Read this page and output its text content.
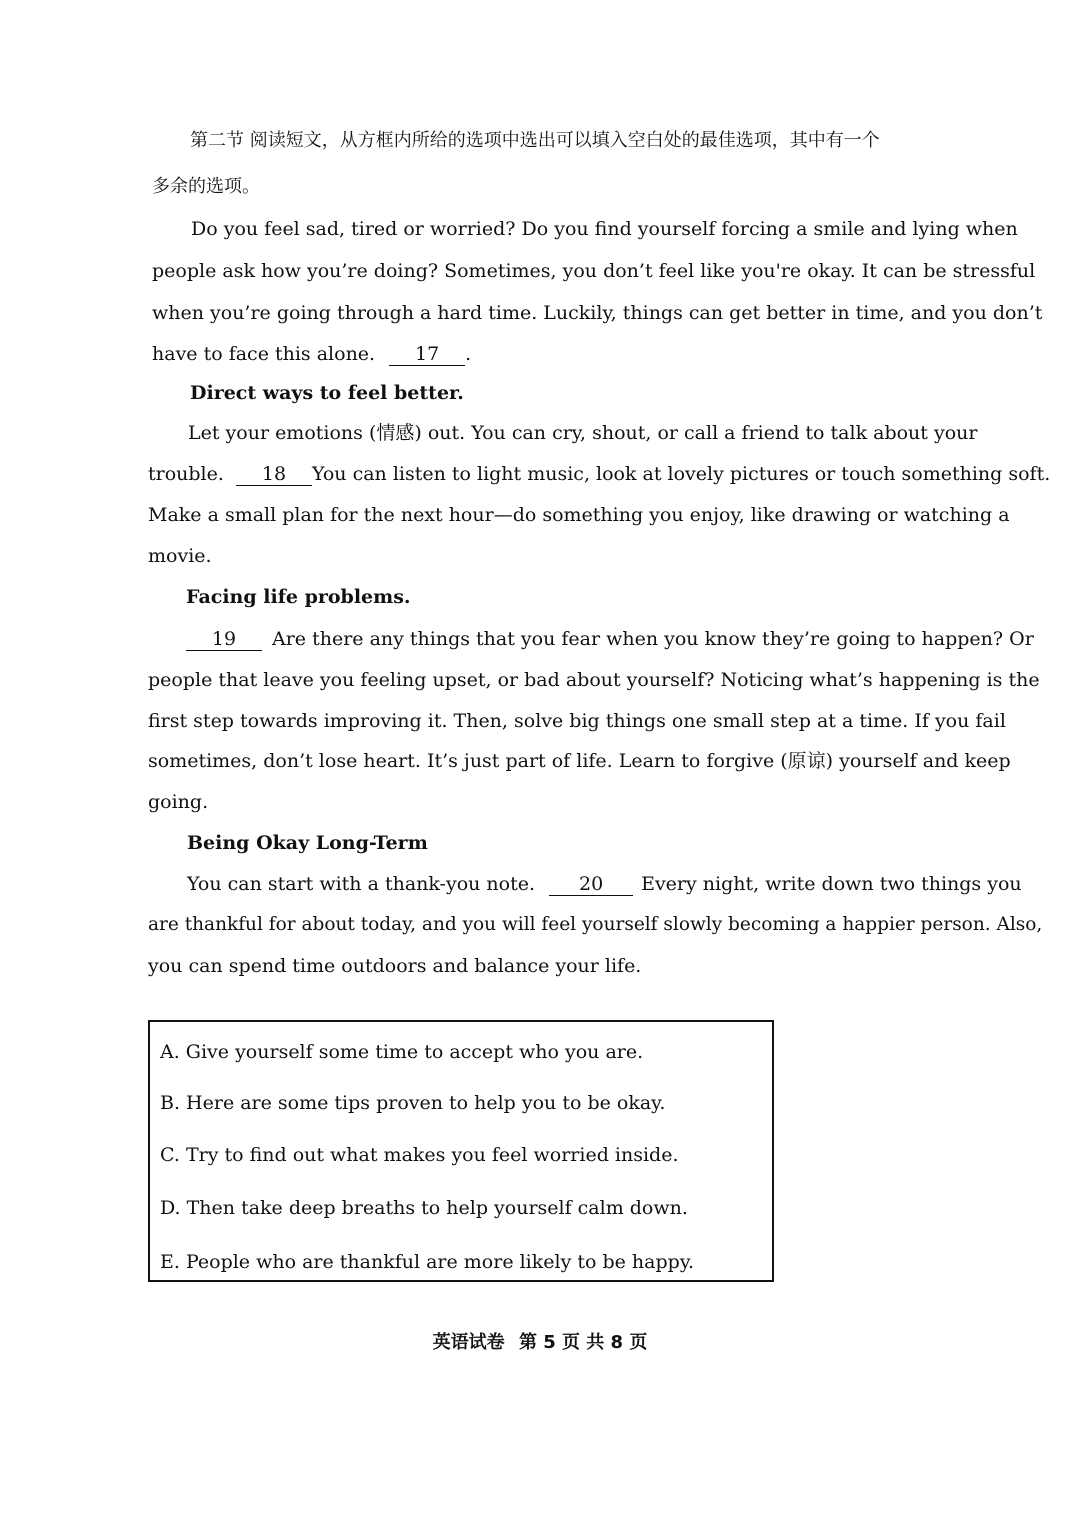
第二节 阅读短文，从方框内所给的选项中选出可以填入空白处的最佳选项，其中有一个
多余的选项。
Do you feel sad, tired or worried? Do you find yourself forcing a smile and lying when
people ask how you’re doing? Sometimes, you don’t feel like you're okay. It can be stressful
when you’re going through a hard time. Luckily, things can get better in time, and you don’t
have to face this alone. 17 .
Direct ways to feel better.
Let your emotions (情感) out. You can cry, shout, or call a friend to talk about your
trouble. 18 You can listen to light music, look at lovely pictures or touch something soft.
Make a small plan for the next hour—do something you enjoy, like drawing or watching a
movie.
Facing life problems.
19 Are there any things that you fear when you know they’re going to happen? Or
people that leave you feeling upset, or bad about yourself? Noticing what’s happening is the
first step towards improving it. Then, solve big things one small step at a time. If you fail
sometimes, don’t lose heart. It’s just part of life. Learn to forgive (原谅) yourself and keep
going.
Being Okay Long-Term
You can start with a thank-you note. 20 Every night, write down two things you
are thankful for about today, and you will feel yourself slowly becoming a happier person. Also,
you can spend time outdoors and balance your life.
A. Give yourself some time to accept who you are.
B. Here are some tips proven to help you to be okay.
C. Try to find out what makes you feel worried inside.
D. Then take deep breaths to help yourself calm down.
E. People who are thankful are more likely to be happy.
英语试卷 第 5 页 共 8 页
